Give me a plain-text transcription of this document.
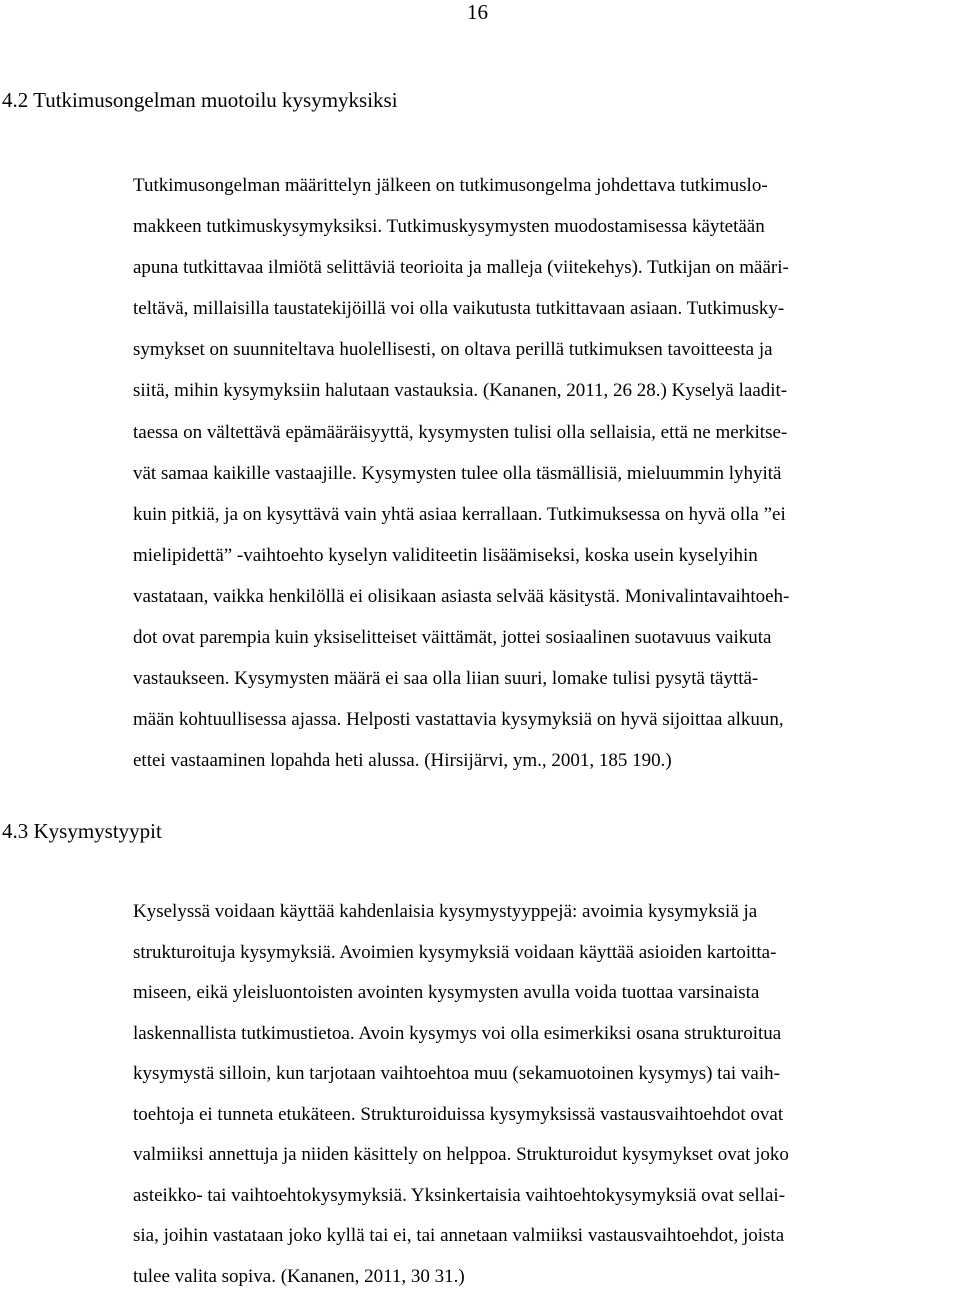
16
4.2 Tutkimusongelman muotoilu kysymyksiksi
Tutkimusongelman määrittelyn jälkeen on tutkimusongelma johdettava tutkimuslo-
makkeen tutkimuskysymyksiksi. Tutkimuskysymysten muodostamisessa käytetään
apuna tutkittavaa ilmiötä selittäviä teorioita ja malleja (viitekehys). Tutkijan on määri-
teltävä, millaisilla taustatekijöillä voi olla vaikutusta tutkittavaan asiaan. Tutkimusky-
symykset on suunniteltava huolellisesti, on oltava perillä tutkimuksen tavoitteesta ja
siitä, mihin kysymyksiin halutaan vastauksia. (Kananen, 2011, 26 28.) Kyselyä laadit-
taessa on vältettävä epämääräisyyttä, kysymysten tulisi olla sellaisia, että ne merkitse-
vät samaa kaikille vastaajille. Kysymysten tulee olla täsmällisiä, mieluummin lyhyitä
kuin pitkiä, ja on kysyttävä vain yhtä asiaa kerrallaan. Tutkimuksessa on hyvä olla ”ei
mielipidettä” -vaihtoehto kyselyn validiteetin lisäämiseksi, koska usein kyselyihin
vastataan, vaikka henkilöllä ei olisikaan asiasta selvää käsitystä. Monivalintavaihtoeh-
dot ovat parempia kuin yksiselitteiset väittämät, jottei sosiaalinen suotavuus vaikuta
vastaukseen. Kysymysten määrä ei saa olla liian suuri, lomake tulisi pysytä täyttä-
mään kohtuullisessa ajassa. Helposti vastattavia kysymyksiä on hyvä sijoittaa alkuun,
ettei vastaaminen lopahda heti alussa. (Hirsijärvi, ym., 2001, 185 190.)
4.3 Kysymystyypit
Kyselyssä voidaan käyttää kahdenlaisia kysymystyyppejä: avoimia kysymyksiä ja
strukturoituja kysymyksiä. Avoimien kysymyksiä voidaan käyttää asioiden kartoitta-
miseen, eikä yleisluontoisten avointen kysymysten avulla voida tuottaa varsinaista
laskennallista tutkimustietoa. Avoin kysymys voi olla esimerkiksi osana strukturoitua
kysymystä silloin, kun tarjotaan vaihtoehtoa muu (sekamuotoinen kysymys) tai vaih-
toehtoja ei tunneta etukäteen. Strukturoiduissa kysymyksissä vastausvaihtoehdot ovat
valmiiksi annettuja ja niiden käsittely on helppoa. Strukturoidut kysymykset ovat joko
asteikko- tai vaihtoehtokysymyksiä. Yksinkertaisia vaihtoehtokysymyksiä ovat sellai-
sia, joihin vastataan joko kyllä tai ei, tai annetaan valmiiksi vastausvaihtoehdot, joista
tulee valita sopiva. (Kananen, 2011, 30 31.)
